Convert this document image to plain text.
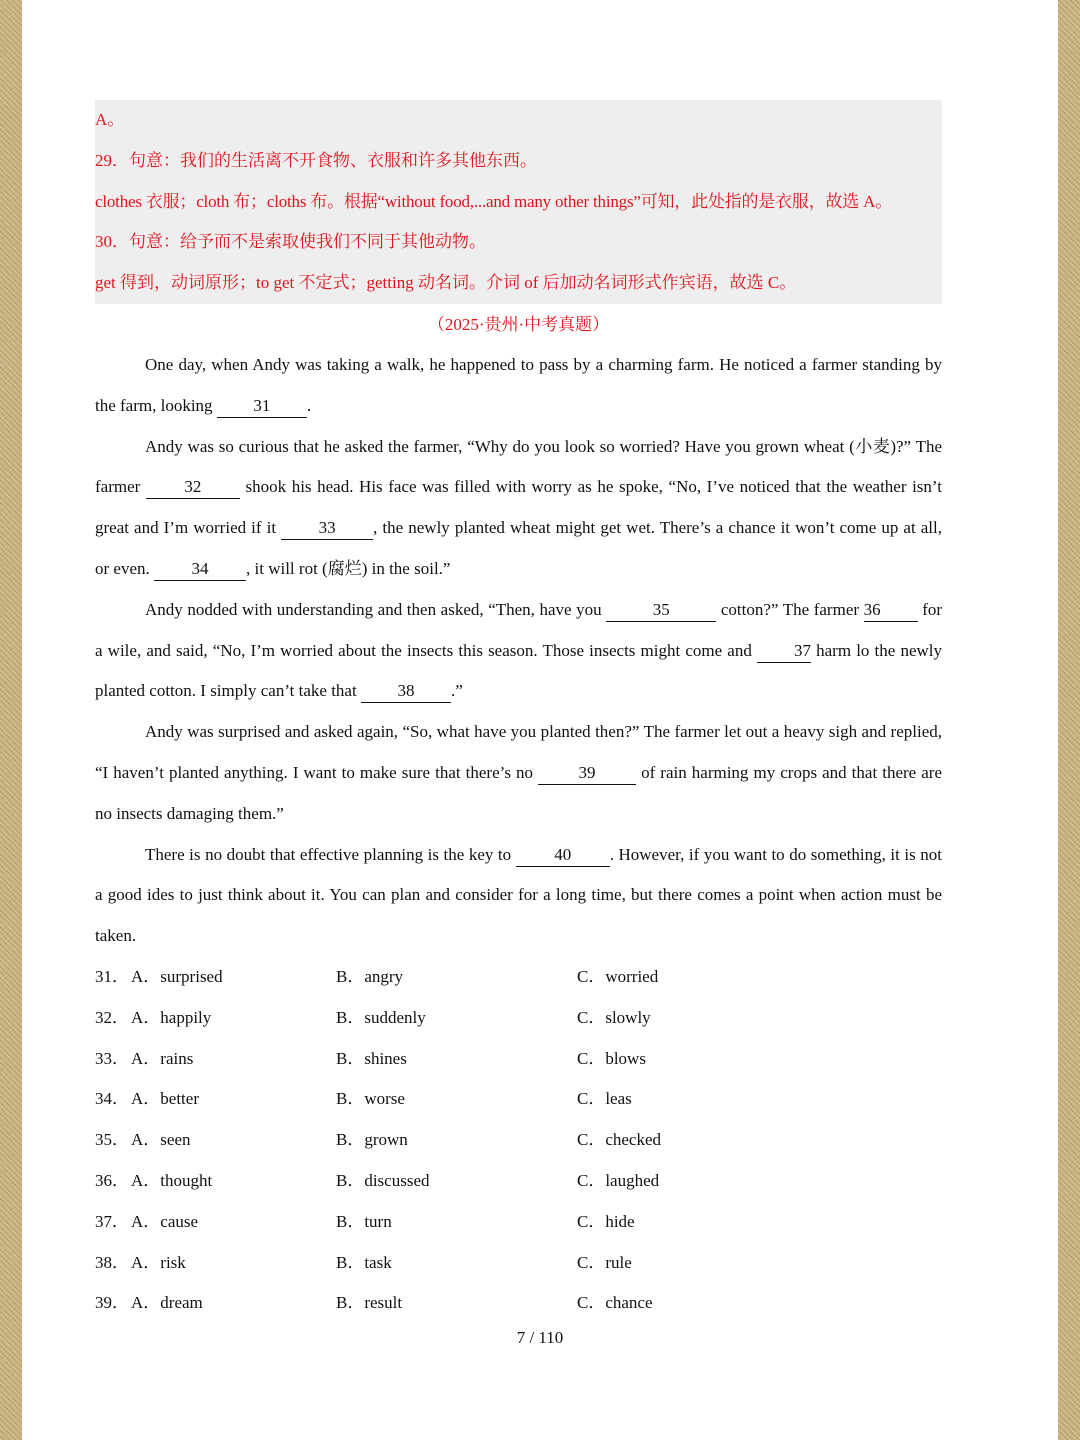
A。
29．句意：我们的生活离不开食物、衣服和许多其他东西。
clothes 衣服；cloth 布；cloths 布。根据“without food,...and many other things”可知，此处指的是衣服，故选 A。
30．句意：给予而不是索取使我们不同于其他动物。
get 得到，动词原形；to get 不定式；getting 动名词。介词 of 后加动名词形式作宾语，故选 C。
（2025·贵州·中考真题）

One day, when Andy was taking a walk, he happened to pass by a charming farm. He noticed a farmer standing by the farm, looking 31 .

Andy was so curious that he asked the farmer, “Why do you look so worried? Have you grown wheat (小麦)?” The farmer	32	shook his head. His face was filled with worry as he spoke, “No, I’ve noticed that the weather isn’t great and I’m worried if it	33 , the newly planted wheat might get wet. There’s a chance it won’t come up at all, or even. 34 , it will rot (腐烂) in the soil.”

Andy nodded with understanding and then asked, “Then, have you	35	cotton?” The farmer 36 for a wile, and said, “No, I’m worried about the insects this season. Those insects might come and 37 harm lo the newly planted cotton. I simply can’t take that 38 .”

Andy was surprised and asked again, “So, what have you planted then?” The farmer let out a heavy sigh and replied, “I haven’t planted anything. I want to make sure that there’s no	39	of rain harming my crops and that there are no insects damaging them.”

There is no doubt that effective planning is the key to	40 . However, if you want to do something, it is not a good ides to just think about it. You can plan and consider for a long time, but there comes a point when action must be taken.

31． A．surprised	B．angry	C．worried
32． A．happily	B．suddenly	C．slowly
33． A．rains	B．shines	C．blows
34． A．better	B．worse	C．leas
35． A．seen	B．grown	C．checked
36． A．thought	B．discussed	C．laughed
37． A．cause	B．turn	C．hide
38． A．risk	B．task	C．rule
39． A．dream	B．result	C．chance
7 / 110
